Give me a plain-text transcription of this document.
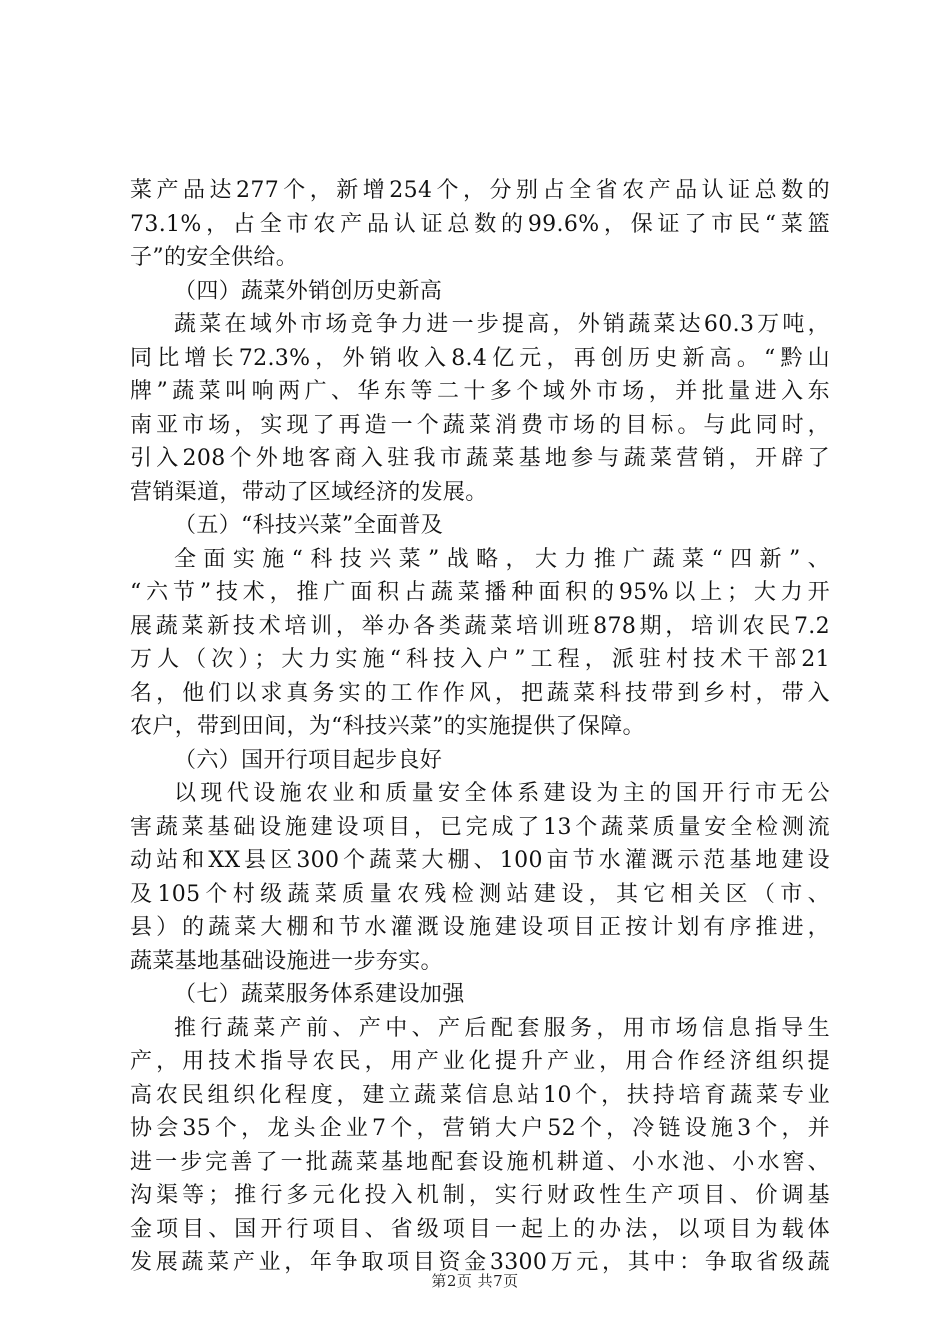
菜产品达277个，新增254个，分别占全省农产品认证总数的
73.1%，占全市农产品认证总数的99.6%，保证了市民“菜篮
子”的安全供给。
（四）蔬菜外销创历史新高
蔬菜在域外市场竞争力进一步提高，外销蔬菜达60.3万吨，
同比增长72.3%，外销收入8.4亿元，再创历史新高。“黔山
牌”蔬菜叫响两广、华东等二十多个域外市场，并批量进入东
南亚市场，实现了再造一个蔬菜消费市场的目标。与此同时，
引入208个外地客商入驻我市蔬菜基地参与蔬菜营销，开辟了
营销渠道，带动了区域经济的发展。
（五）“科技兴菜”全面普及
全面实施“科技兴菜”战略，大力推广蔬菜“四新”、
“六节”技术，推广面积占蔬菜播种面积的95%以上；大力开
展蔬菜新技术培训，举办各类蔬菜培训班878期，培训农民7.2
万人（次）；大力实施“科技入户”工程，派驻村技术干部21
名，他们以求真务实的工作作风，把蔬菜科技带到乡村，带入
农户，带到田间，为“科技兴菜”的实施提供了保障。
（六）国开行项目起步良好
以现代设施农业和质量安全体系建设为主的国开行市无公
害蔬菜基础设施建设项目，已完成了13个蔬菜质量安全检测流
动站和XX县区300个蔬菜大棚、100亩节水灌溉示范基地建设
及105个村级蔬菜质量农残检测站建设，其它相关区（市、
县）的蔬菜大棚和节水灌溉设施建设项目正按计划有序推进，
蔬菜基地基础设施进一步夯实。
（七）蔬菜服务体系建设加强
推行蔬菜产前、产中、产后配套服务，用市场信息指导生
产，用技术指导农民，用产业化提升产业，用合作经济组织提
高农民组织化程度，建立蔬菜信息站10个，扶持培育蔬菜专业
协会35个，龙头企业7个，营销大户52个，冷链设施3个，并
进一步完善了一批蔬菜基地配套设施机耕道、小水池、小水窖、
沟渠等；推行多元化投入机制，实行财政性生产项目、价调基
金项目、国开行项目、省级项目一起上的办法，以项目为载体
发展蔬菜产业，年争取项目资金3300万元，其中：争取省级蔬
第2页 共7页
